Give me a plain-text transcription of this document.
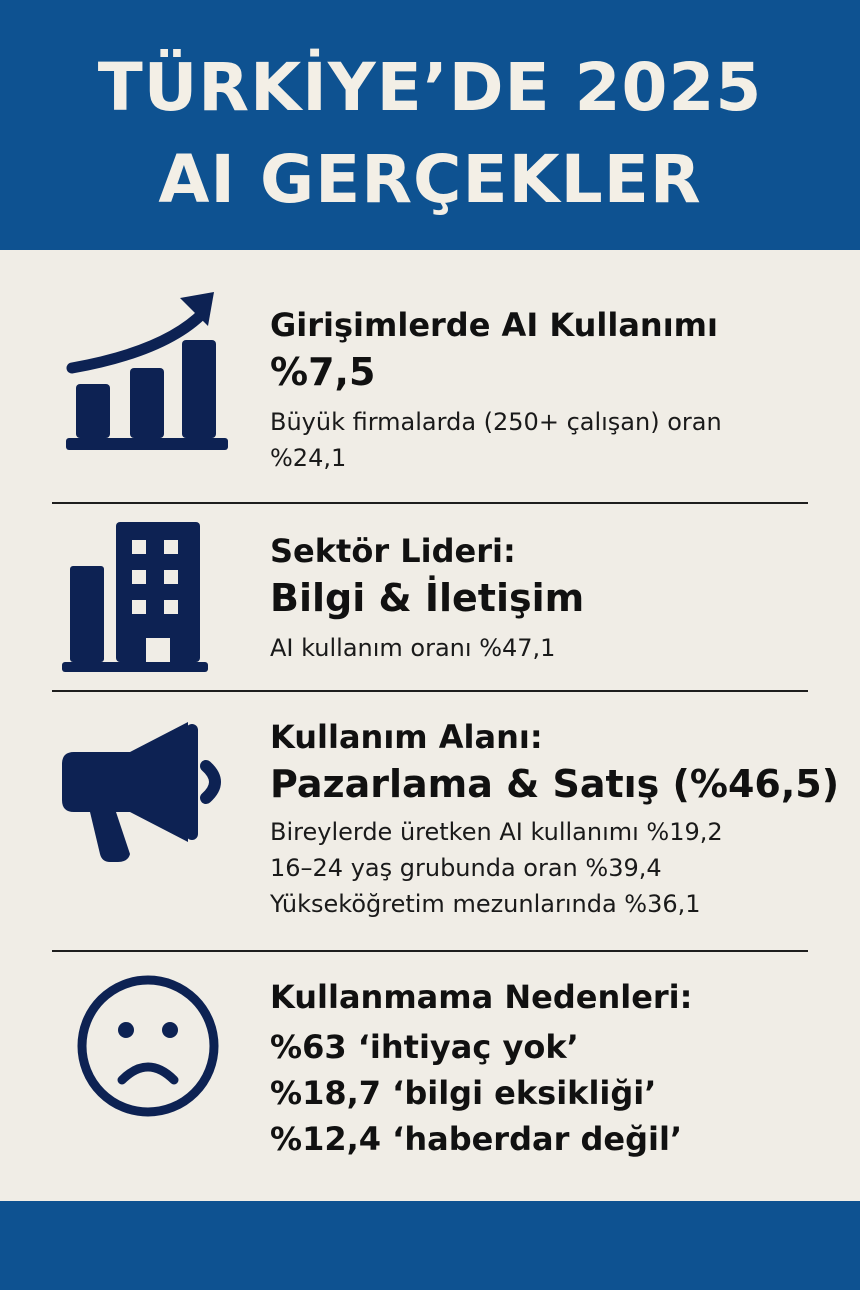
TÜRKİYE’DE 2025
AI GERÇEKLER
Girişimlerde AI Kullanımı
%7,5
Büyük firmalarda (250+ çalışan) oran
%24,1
Sektör Lideri:
Bilgi & İletişim
AI kullanım oranı %47,1
Kullanım Alanı:
Pazarlama & Satış (%46,5)
Bireylerde üretken AI kullanımı %19,2
16–24 yaş grubunda oran %39,4
Yükseköğretim mezunlarında %36,1
Kullanmama Nedenleri:
%63 ‘ihtiyaç yok’
%18,7 ‘bilgi eksikliği’
%12,4 ‘haberdar değil’
